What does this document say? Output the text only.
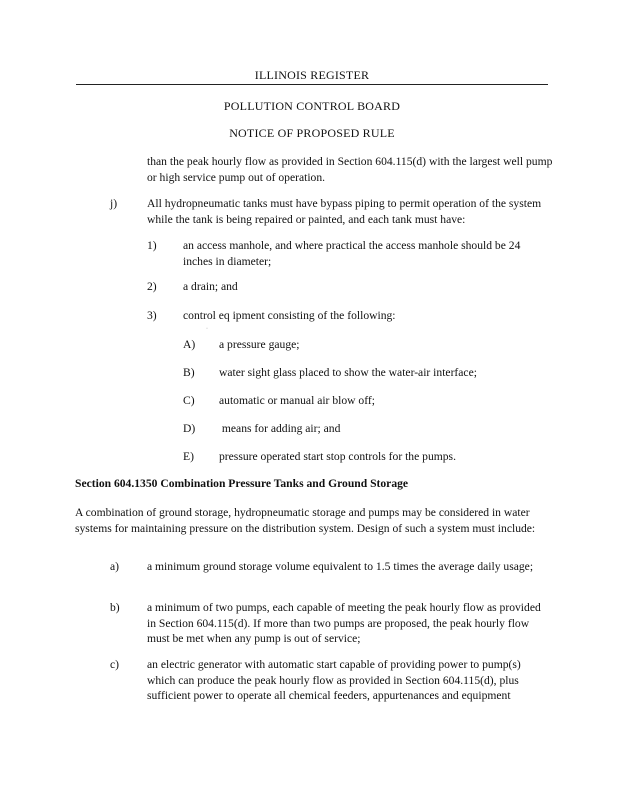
ILLINOIS REGISTER
POLLUTION CONTROL BOARD
NOTICE OF PROPOSED RULE
than the peak hourly flow as provided in Section 604.115(d) with the largest well pump or high service pump out of operation.
j)	All hydropneumatic tanks must have bypass piping to permit operation of the system while the tank is being repaired or painted, and each tank must have:
1) an access manhole, and where practical the access manhole should be 24 inches in diameter;
2) a drain; and
3) control eq ipment consisting of the following:
·
A) a pressure gauge;
B) water sight glass placed to show the water-air interface;
C) automatic or manual air blow off;
D) means for adding air; and
E) pressure operated start stop controls for the pumps.
Section 604.1350 Combination Pressure Tanks and Ground Storage
A combination of ground storage, hydropneumatic storage and pumps may be considered in water systems for maintaining pressure on the distribution system. Design of such a system must include:
a) a minimum ground storage volume equivalent to 1.5 times the average daily usage;
b) a minimum of two pumps, each capable of meeting the peak hourly flow as provided in Section 604.115(d). If more than two pumps are proposed, the peak hourly flow must be met when any pump is out of service;
c) an electric generator with automatic start capable of providing power to pump(s) which can produce the peak hourly flow as provided in Section 604.115(d), plus sufficient power to operate all chemical feeders, appurtenances and equipment
